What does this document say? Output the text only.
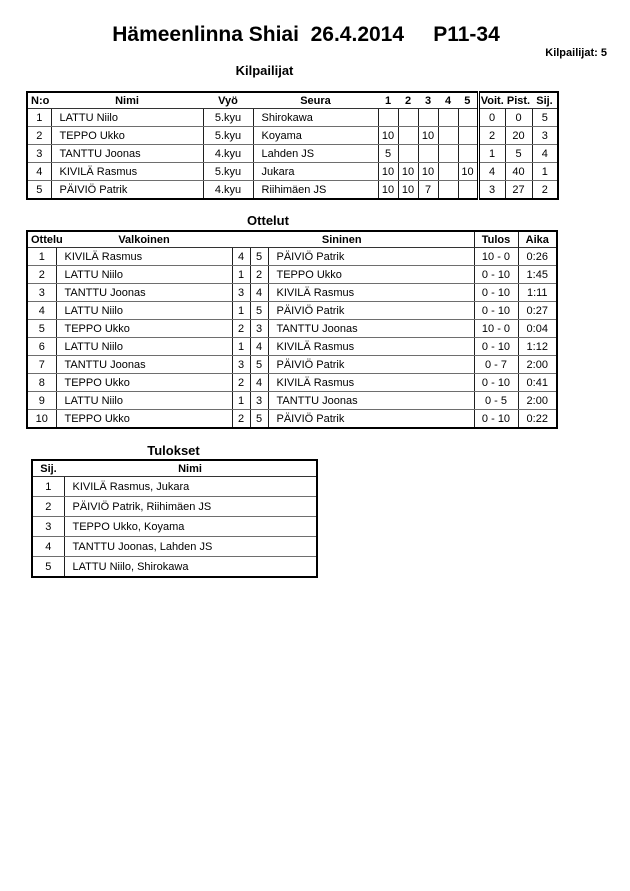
Hämeenlinna Shiai  26.4.2014     P11-34
Kilpailijat: 5
Kilpailijat
N:o	Nimi	Vyö	Seura	1	2	3	4	5	Voit.	Pist.	Sij.
1	LATTU Niilo	5.kyu	Shirokawa						0	0	5
2	TEPPO Ukko	5.kyu	Koyama	10		10			2	20	3
3	TANTTU Joonas	4.kyu	Lahden JS	5					1	5	4
4	KIVILÄ Rasmus	5.kyu	Jukara	10	10	10		10	4	40	1
5	PÄIVIÖ Patrik	4.kyu	Riihimäen JS	10	10	7			3	27	2
Ottelut
Ottelu	Valkoinen			Sininen	Tulos	Aika
1	KIVILÄ Rasmus	4	5	PÄIVIÖ Patrik	10 - 0	0:26
2	LATTU Niilo	1	2	TEPPO Ukko	0 - 10	1:45
3	TANTTU Joonas	3	4	KIVILÄ Rasmus	0 - 10	1:11
4	LATTU Niilo	1	5	PÄIVIÖ Patrik	0 - 10	0:27
5	TEPPO Ukko	2	3	TANTTU Joonas	10 - 0	0:04
6	LATTU Niilo	1	4	KIVILÄ Rasmus	0 - 10	1:12
7	TANTTU Joonas	3	5	PÄIVIÖ Patrik	0 - 7	2:00
8	TEPPO Ukko	2	4	KIVILÄ Rasmus	0 - 10	0:41
9	LATTU Niilo	1	3	TANTTU Joonas	0 - 5	2:00
10	TEPPO Ukko	2	5	PÄIVIÖ Patrik	0 - 10	0:22
Tulokset
Sij.	Nimi
1	KIVILÄ Rasmus, Jukara
2	PÄIVIÖ Patrik, Riihimäen JS
3	TEPPO Ukko, Koyama
4	TANTTU Joonas, Lahden JS
5	LATTU Niilo, Shirokawa
